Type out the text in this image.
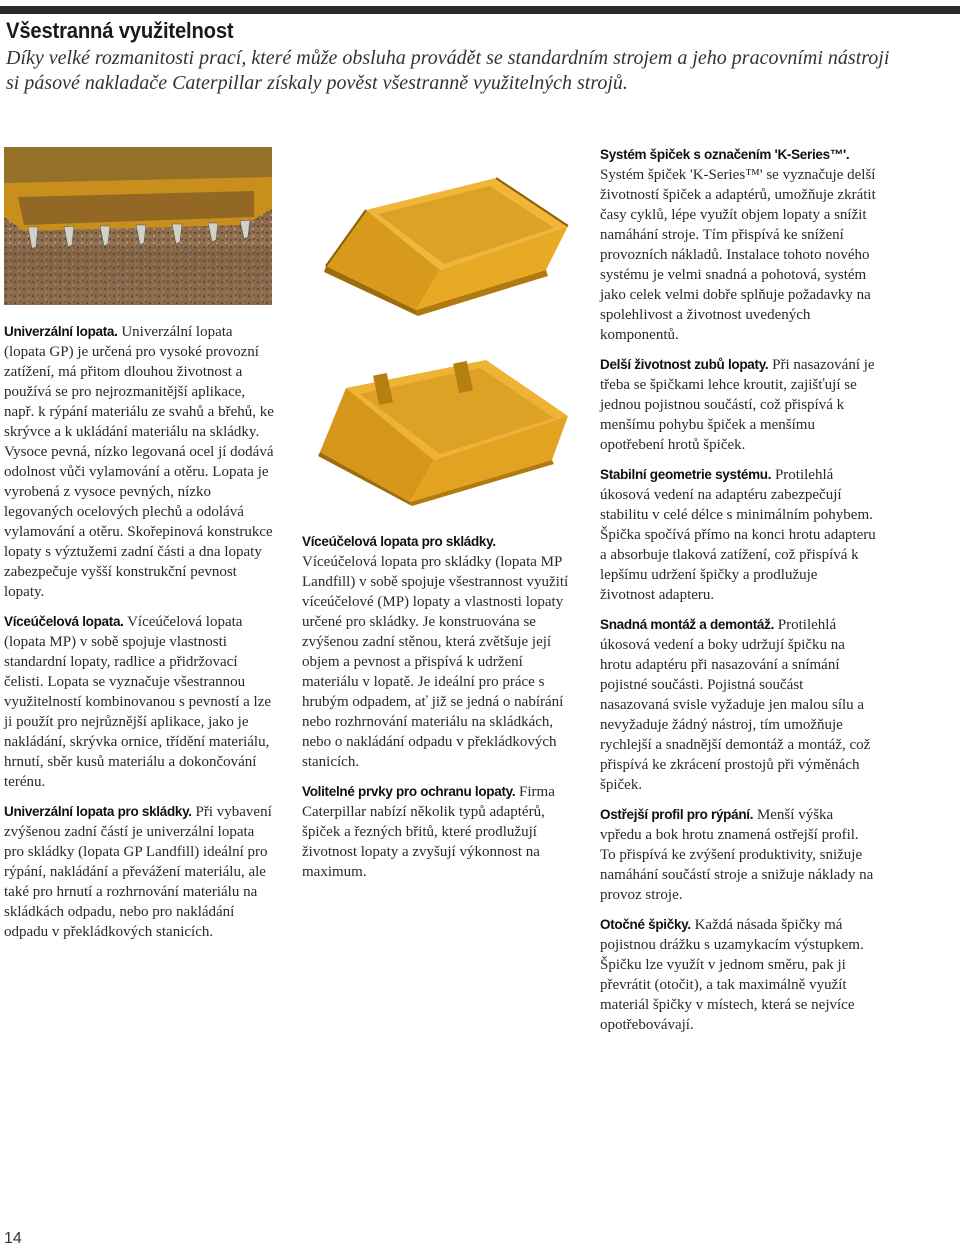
Všestranná využitelnost
Díky velké rozmanitosti prací, které může obsluha provádět se standardním strojem a jeho pracovními nástroji si pásové nakladače Caterpillar získaly pověst všestranně využitelných strojů.

Univerzální lopata. Univerzální lopata (lopata GP) je určená pro vysoké provozní zatížení, má přitom dlouhou životnost a používá se pro nejrozmanitější aplikace, např. k rýpání materiálu ze svahů a břehů, ke skrývce a k ukládání materiálu na skládky. Vysoce pevná, nízko legovaná ocel jí dodává odolnost vůči vylamování a otěru. Lopata je vyrobená z vysoce pevných, nízko legovaných ocelových plechů a odolává vylamování a otěru. Skořepinová konstrukce lopaty s výztužemi zadní části a dna lopaty zabezpečuje vyšší konstrukční pevnost lopaty.

Víceúčelová lopata. Víceúčelová lopata (lopata MP) v sobě spojuje vlastnosti standardní lopaty, radlice a přidržovací čelisti. Lopata se vyznačuje všestrannou využitelností kombinovanou s pevností a lze ji použít pro nejrůznější aplikace, jako je nakládání, skrývka ornice, třídění materiálu, hrnutí, sběr kusů materiálu a dokončování terénu.

Univerzální lopata pro skládky. Při vybavení zvýšenou zadní částí je univerzální lopata pro skládky (lopata GP Landfill) ideální pro rýpání, nakládání a převážení materiálu, ale také pro hrnutí a rozhrnování materiálu na skládkách odpadu, nebo pro nakládání odpadu v překládkových stanicích.

Víceúčelová lopata pro skládky. Víceúčelová lopata pro skládky (lopata MP Landfill) v sobě spojuje všestrannost využití víceúčelové (MP) lopaty a vlastnosti lopaty určené pro skládky. Je konstruována se zvýšenou zadní stěnou, která zvětšuje její objem a pevnost a přispívá k udržení materiálu v lopatě. Je ideální pro práce s hrubým odpadem, ať již se jedná o nabírání nebo rozhrnování materiálu na skládkách, nebo o nakládání odpadu v překládkových stanicích.

Volitelné prvky pro ochranu lopaty. Firma Caterpillar nabízí několik typů adaptérů, špiček a řezných břitů, které prodlužují životnost lopaty a zvyšují výkonnost na maximum.

Systém špiček s označením 'K-Series™'. Systém špiček 'K-Series™' se vyznačuje delší životností špiček a adaptérů, umožňuje zkrátit časy cyklů, lépe využít objem lopaty a snížit namáhání stroje. Tím přispívá ke snížení provozních nákladů. Instalace tohoto nového systému je velmi snadná a pohotová, systém jako celek velmi dobře splňuje požadavky na spolehlivost a životnost uvedených komponentů.

Delší životnost zubů lopaty. Při nasazování je třeba se špičkami lehce kroutit, zajišťují se jednou pojistnou součástí, což přispívá k menšímu pohybu špiček a menšímu opotřebení hrotů špiček.

Stabilní geometrie systému. Protilehlá úkosová vedení na adaptéru zabezpečují stabilitu v celé délce s minimálním pohybem. Špička spočívá přímo na konci hrotu adapteru a absorbuje tlaková zatížení, což přispívá k lepšímu udržení špičky a prodlužuje životnost adapteru.

Snadná montáž a demontáž. Protilehlá úkosová vedení a boky udržují špičku na hrotu adaptéru při nasazování a snímání pojistné součásti. Pojistná součást nasazovaná svisle vyžaduje jen malou sílu a nevyžaduje žádný nástroj, tím umožňuje rychlejší a snadnější demontáž a montáž, což přispívá ke zkrácení prostojů při výměnách špiček.

Ostřejší profil pro rýpání. Menší výška vpředu a bok hrotu znamená ostřejší profil. To přispívá ke zvýšení produktivity, snižuje namáhání součástí stroje a snižuje náklady na provoz stroje.

Otočné špičky. Každá násada špičky má pojistnou drážku s uzamykacím výstupkem. Špičku lze využít v jednom směru, pak ji převrátit (otočit), a tak maximálně využít materiál špičky v místech, která se nejvíce opotřebovávají.

14
